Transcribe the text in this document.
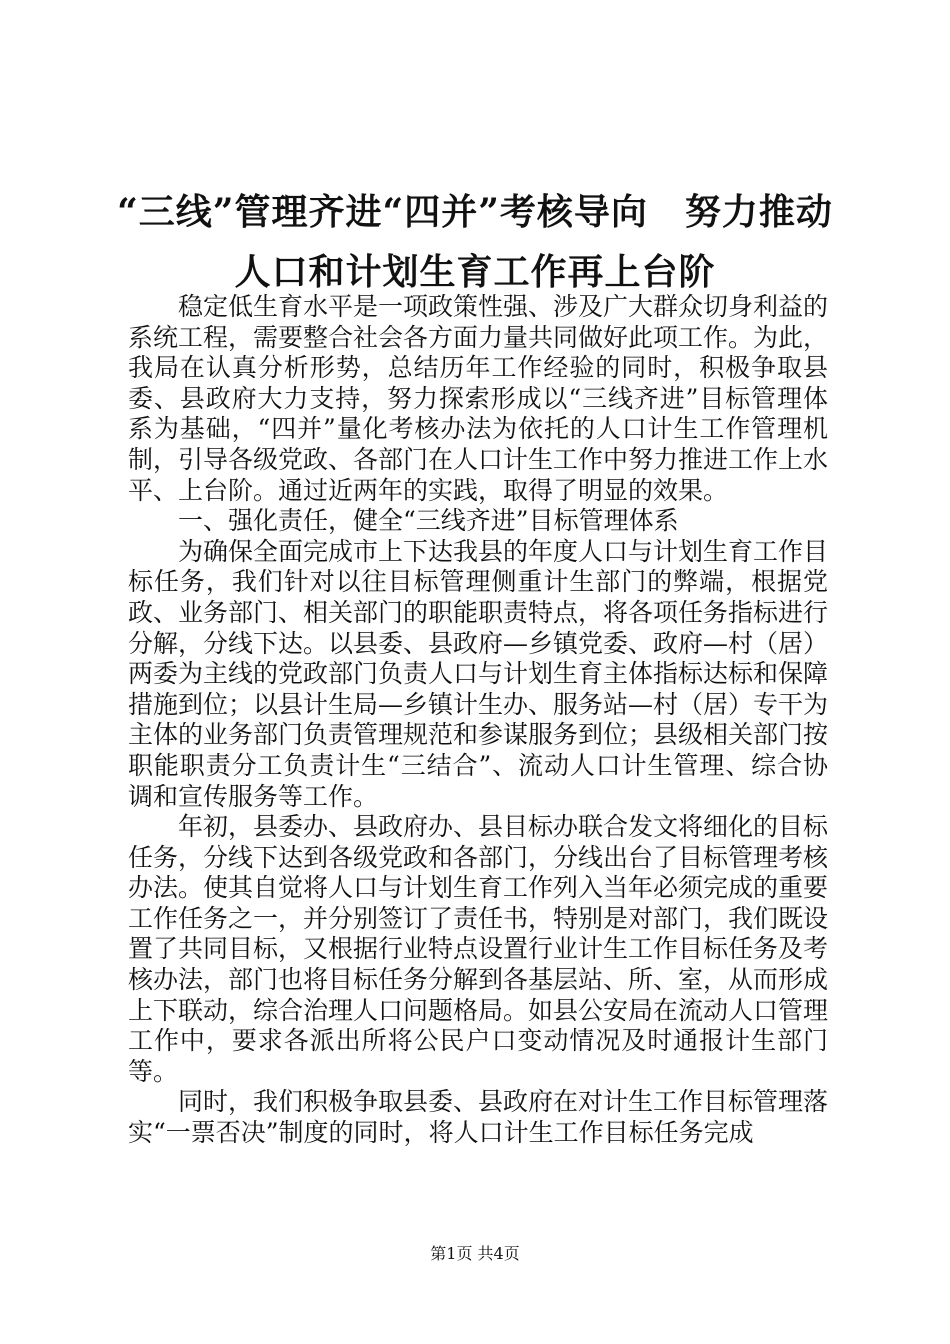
“三线”管理齐进“四并”考核导向　努力推动人口和计划生育工作再上台阶

稳定低生育水平是一项政策性强、涉及广大群众切身利益的系统工程，需要整合社会各方面力量共同做好此项工作。为此，我局在认真分析形势，总结历年工作经验的同时，积极争取县委、县政府大力支持，努力探索形成以“三线齐进”目标管理体系为基础，“四并”量化考核办法为依托的人口计生工作管理机制，引导各级党政、各部门在人口计生工作中努力推进工作上水平、上台阶。通过近两年的实践，取得了明显的效果。

一、强化责任，健全“三线齐进”目标管理体系

为确保全面完成市上下达我县的年度人口与计划生育工作目标任务，我们针对以往目标管理侧重计生部门的弊端，根据党政、业务部门、相关部门的职能职责特点，将各项任务指标进行分解，分线下达。以县委、县政府—乡镇党委、政府—村（居）两委为主线的党政部门负责人口与计划生育主体指标达标和保障措施到位；以县计生局—乡镇计生办、服务站—村（居）专干为主体的业务部门负责管理规范和参谋服务到位；县级相关部门按职能职责分工负责计生“三结合”、流动人口计生管理、综合协调和宣传服务等工作。

年初，县委办、县政府办、县目标办联合发文将细化的目标任务，分线下达到各级党政和各部门，分线出台了目标管理考核办法。使其自觉将人口与计划生育工作列入当年必须完成的重要工作任务之一，并分别签订了责任书，特别是对部门，我们既设置了共同目标，又根据行业特点设置行业计生工作目标任务及考核办法，部门也将目标任务分解到各基层站、所、室，从而形成上下联动，综合治理人口问题格局。如县公安局在流动人口管理工作中，要求各派出所将公民户口变动情况及时通报计生部门等。

同时，我们积极争取县委、县政府在对计生工作目标管理落实“一票否决”制度的同时，将人口计生工作目标任务完成

第1页 共4页
